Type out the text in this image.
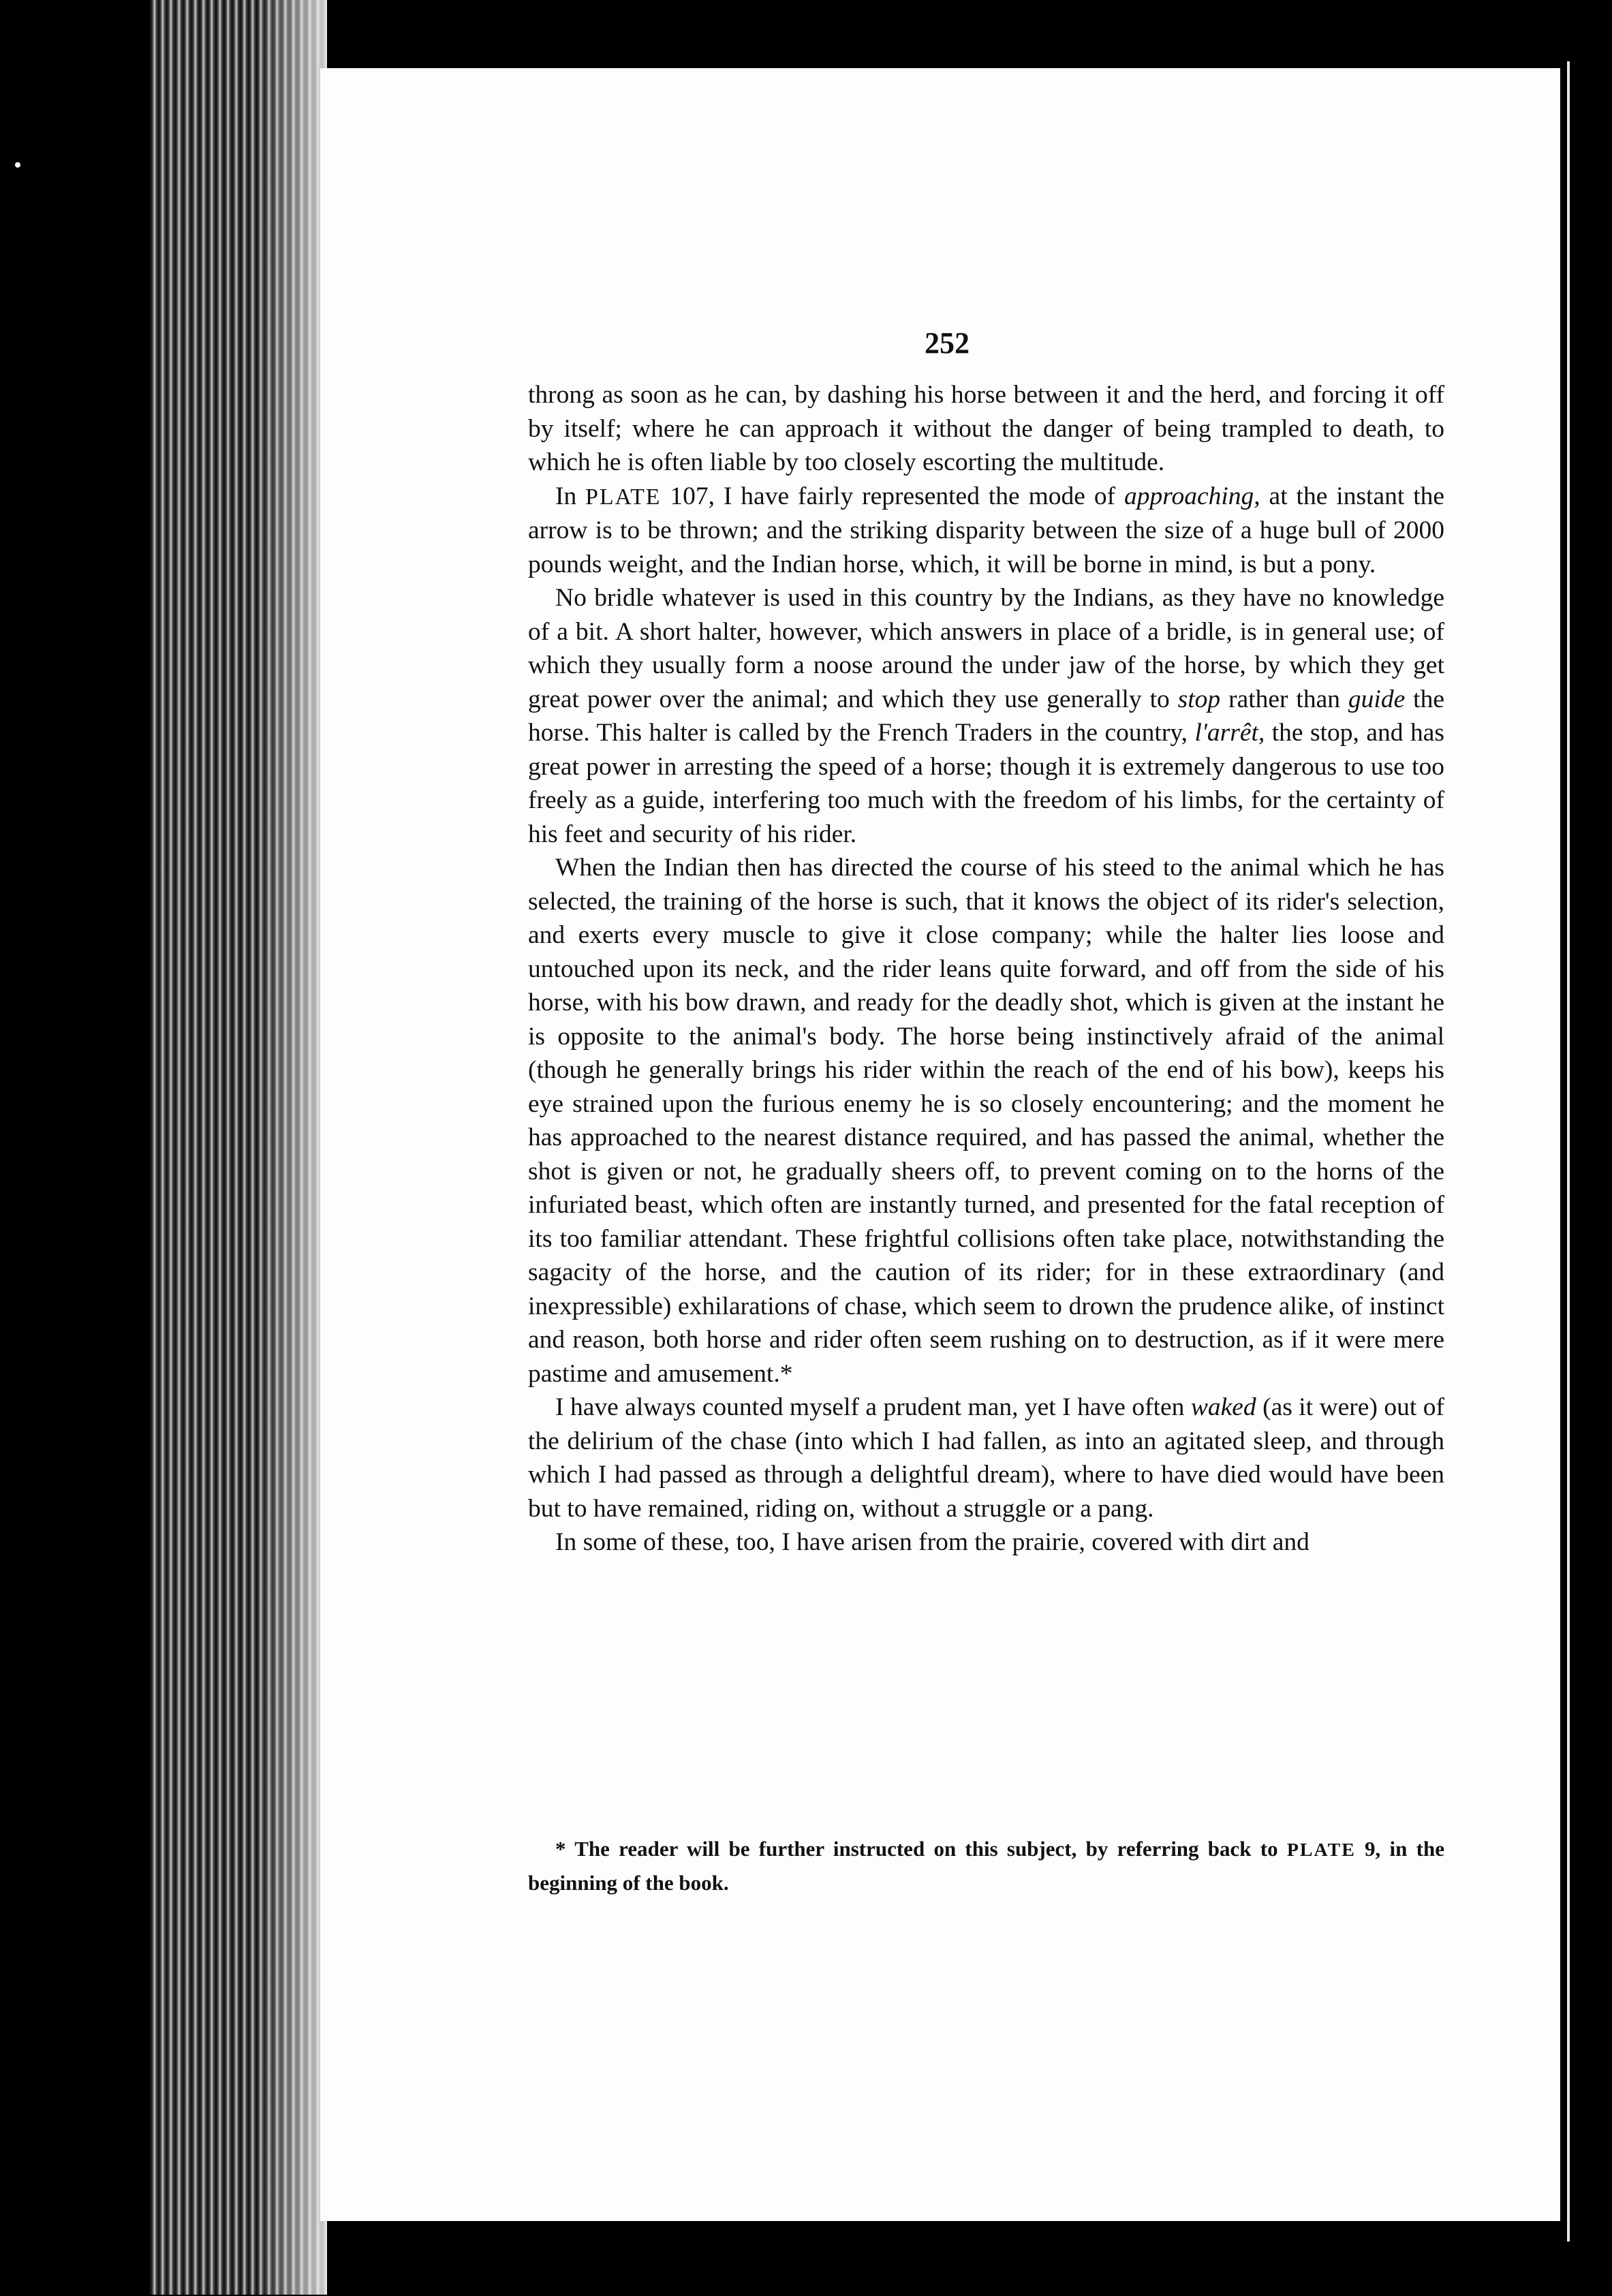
252

throng as soon as he can, by dashing his horse between it and the herd, and forcing it off by itself; where he can approach it without the danger of being trampled to death, to which he is often liable by too closely escorting the multitude.

In PLATE 107, I have fairly represented the mode of approaching, at the instant the arrow is to be thrown; and the striking disparity between the size of a huge bull of 2000 pounds weight, and the Indian horse, which, it will be borne in mind, is but a pony.

No bridle whatever is used in this country by the Indians, as they have no knowledge of a bit. A short halter, however, which answers in place of a bridle, is in general use; of which they usually form a noose around the under jaw of the horse, by which they get great power over the animal; and which they use generally to stop rather than guide the horse. This halter is called by the French Traders in the country, l'arrêt, the stop, and has great power in arresting the speed of a horse; though it is extremely dangerous to use too freely as a guide, interfering too much with the freedom of his limbs, for the certainty of his feet and security of his rider.

When the Indian then has directed the course of his steed to the animal which he has selected, the training of the horse is such, that it knows the object of its rider's selection, and exerts every muscle to give it close company; while the halter lies loose and untouched upon its neck, and the rider leans quite forward, and off from the side of his horse, with his bow drawn, and ready for the deadly shot, which is given at the instant he is opposite to the animal's body. The horse being instinctively afraid of the animal (though he generally brings his rider within the reach of the end of his bow), keeps his eye strained upon the furious enemy he is so closely encountering; and the moment he has approached to the nearest distance required, and has passed the animal, whether the shot is given or not, he gradually sheers off, to prevent coming on to the horns of the infuriated beast, which often are instantly turned, and presented for the fatal reception of its too familiar attendant. These frightful collisions often take place, notwithstanding the sagacity of the horse, and the caution of its rider; for in these extraordinary (and inexpressible) exhilarations of chase, which seem to drown the prudence alike, of instinct and reason, both horse and rider often seem rushing on to destruction, as if it were mere pastime and amusement.*

I have always counted myself a prudent man, yet I have often waked (as it were) out of the delirium of the chase (into which I had fallen, as into an agitated sleep, and through which I had passed as through a delightful dream), where to have died would have been but to have remained, riding on, without a struggle or a pang.

In some of these, too, I have arisen from the prairie, covered with dirt and

* The reader will be further instructed on this subject, by referring back to PLATE 9, in the beginning of the book.
